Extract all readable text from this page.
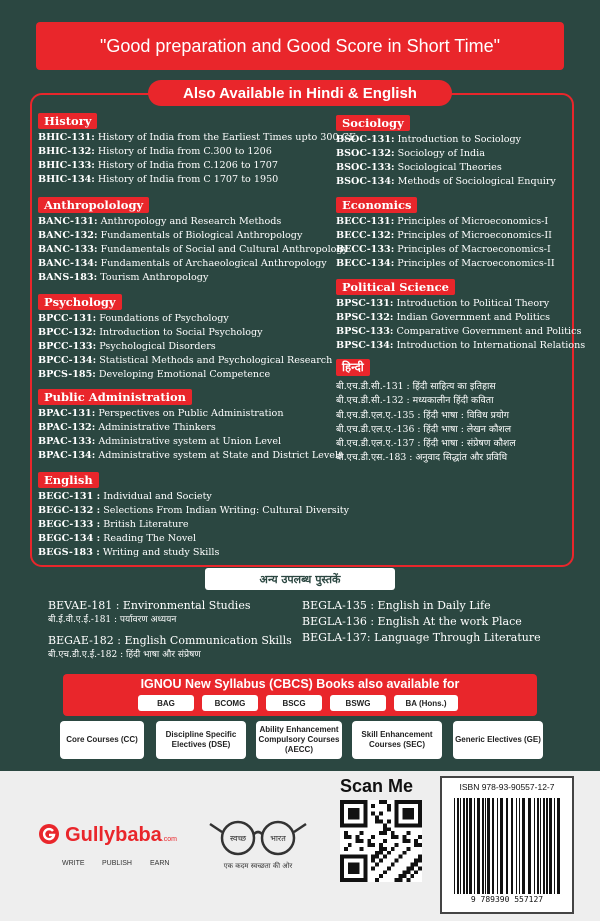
"Good preparation and Good Score in Short Time"
Also Available in Hindi & English
History
BHIC-131: History of India from the Earliest Times upto 300 CE
BHIC-132: History of India from C.300 to 1206
BHIC-133: History of India from C.1206 to 1707
BHIC-134: History of India from C 1707 to 1950
Anthropolology
BANC-131: Anthropology and Research Methods
BANC-132: Fundamentals of Biological Anthropology
BANC-133: Fundamentals of Social and Cultural Anthropology
BANC-134: Fundamentals of Archaeological Anthropology
BANS-183: Tourism Anthropology
Psychology
BPCC-131: Foundations of Psychology
BPCC-132: Introduction to Social Psychology
BPCC-133: Psychological Disorders
BPCC-134: Statistical Methods and Psychological Research
BPCS-185: Developing Emotional Competence
Public Administration
BPAC-131: Perspectives on Public Administration
BPAC-132: Administrative Thinkers
BPAC-133: Administrative system at Union Level
BPAC-134: Administrative system at State and District Levels
English
BEGC-131 : Individual and Society
BEGC-132 : Selections From Indian Writing: Cultural Diversity
BEGC-133 : British Literature
BEGC-134 : Reading The Novel
BEGS-183 : Writing and study Skills
Sociology
BSOC-131: Introduction to Sociology
BSOC-132: Sociology of India
BSOC-133: Sociological Theories
BSOC-134: Methods of Sociological Enquiry
Economics
BECC-131: Principles of Microeconomics-I
BECC-132: Principles of Microeconomics-II
BECC-133: Principles of Macroeconomics-I
BECC-134: Principles of Macroeconomics-II
Political Science
BPSC-131: Introduction to Political Theory
BPSC-132: Indian Government and Politics
BPSC-133: Comparative Government and Politics
BPSC-134: Introduction to International Relations
हिन्दी
बी.एच.डी.सी.-131 : हिंदी साहित्य का इतिहास
बी.एच.डी.सी.-132 : मध्यकालीन हिंदी कविता
बी.एच.डी.एल.ए.-135 : हिंदी भाषा : विविध प्रयोग
बी.एच.डी.एल.ए.-136 : हिंदी भाषा : लेखन कौशल
बी.एच.डी.एल.ए.-137 : हिंदी भाषा : संप्रेषण कौशल
बी.एच.डी.एस.-183 : अनुवाद सिद्धांत और प्रविधि
अन्य उपलब्ध पुस्तकें
BEVAE-181 : Environmental Studies
बी.ई.वी.ए.ई.-181 : पर्यावरण अध्ययन
BEGAE-182 : English Communication Skills
बी.एच.डी.ए.ई.-182 : हिंदी भाषा और संप्रेषण
BEGLA-135 : English in Daily Life
BEGLA-136 : English At the work Place
BEGLA-137: Language Through Literature
IGNOU New Syllabus (CBCS) Books also available for
BAG	BCOMG	BSCG	BSWG	BA (Hons.)
Core Courses (CC)
Discipline Specific Electives (DSE)
Ability Enhancement Compulsory Courses (AECC)
Skill Enhancement Courses (SEC)
Generic Electives (GE)
Gullybaba.com
WRITE PUBLISH	EARN
स्वच्छ	भारत
एक कदम स्वच्छता की ओर
Scan Me	ISBN 978-93-90557-12-7
9 789390 557127
